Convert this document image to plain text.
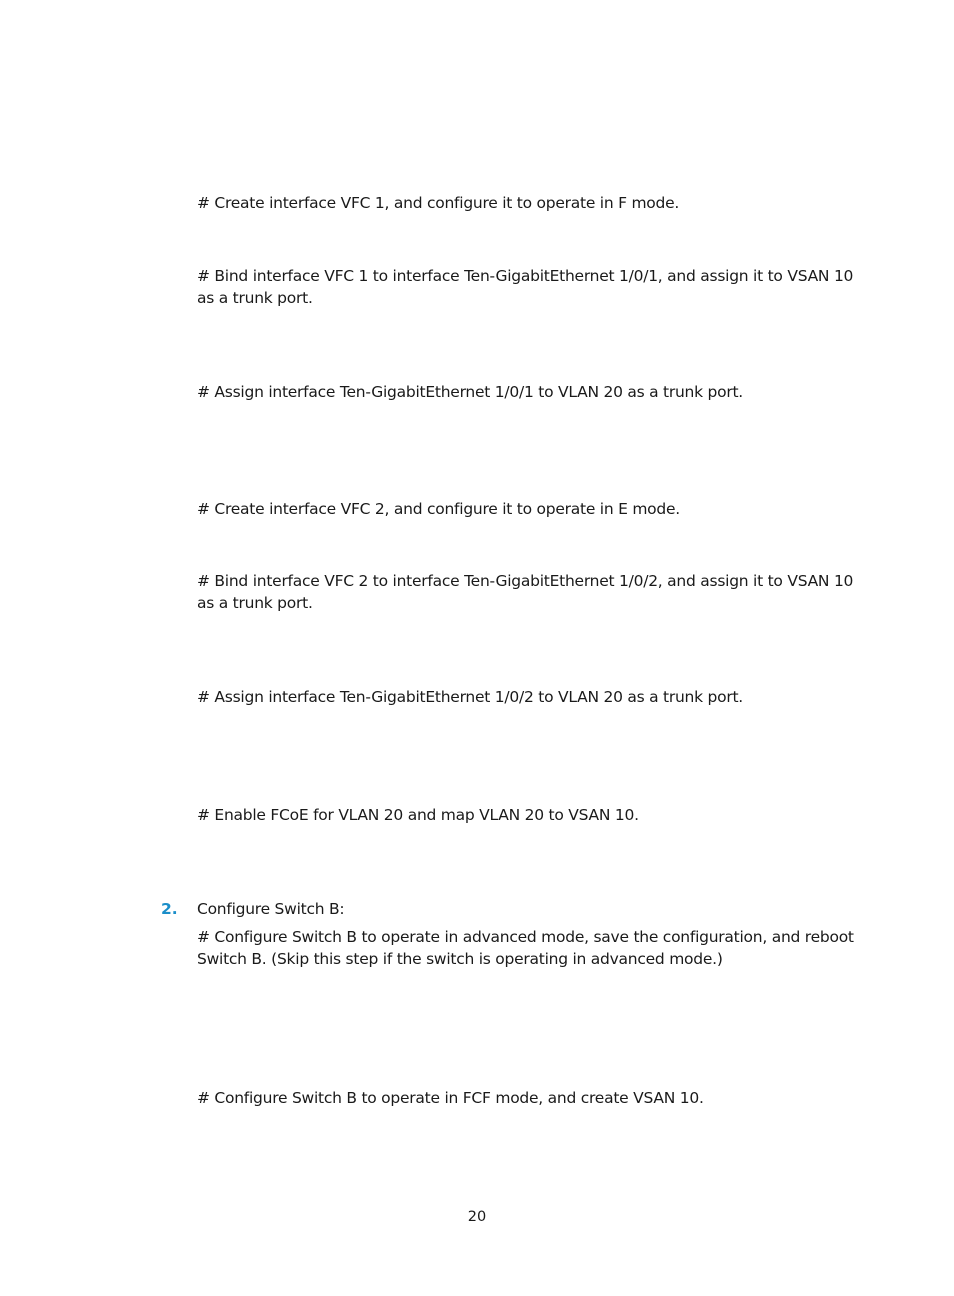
# Create interface VFC 1, and configure it to operate in F mode.

# Bind interface VFC 1 to interface Ten-GigabitEthernet 1/0/1, and assign it to VSAN 10 as a trunk port.

# Assign interface Ten-GigabitEthernet 1/0/1 to VLAN 20 as a trunk port.

# Create interface VFC 2, and configure it to operate in E mode.

# Bind interface VFC 2 to interface Ten-GigabitEthernet 1/0/2, and assign it to VSAN 10 as a trunk port.

# Assign interface Ten-GigabitEthernet 1/0/2 to VLAN 20 as a trunk port.

# Enable FCoE for VLAN 20 and map VLAN 20 to VSAN 10.

2. Configure Switch B:

# Configure Switch B to operate in advanced mode, save the configuration, and reboot Switch B. (Skip this step if the switch is operating in advanced mode.)

# Configure Switch B to operate in FCF mode, and create VSAN 10.

20
